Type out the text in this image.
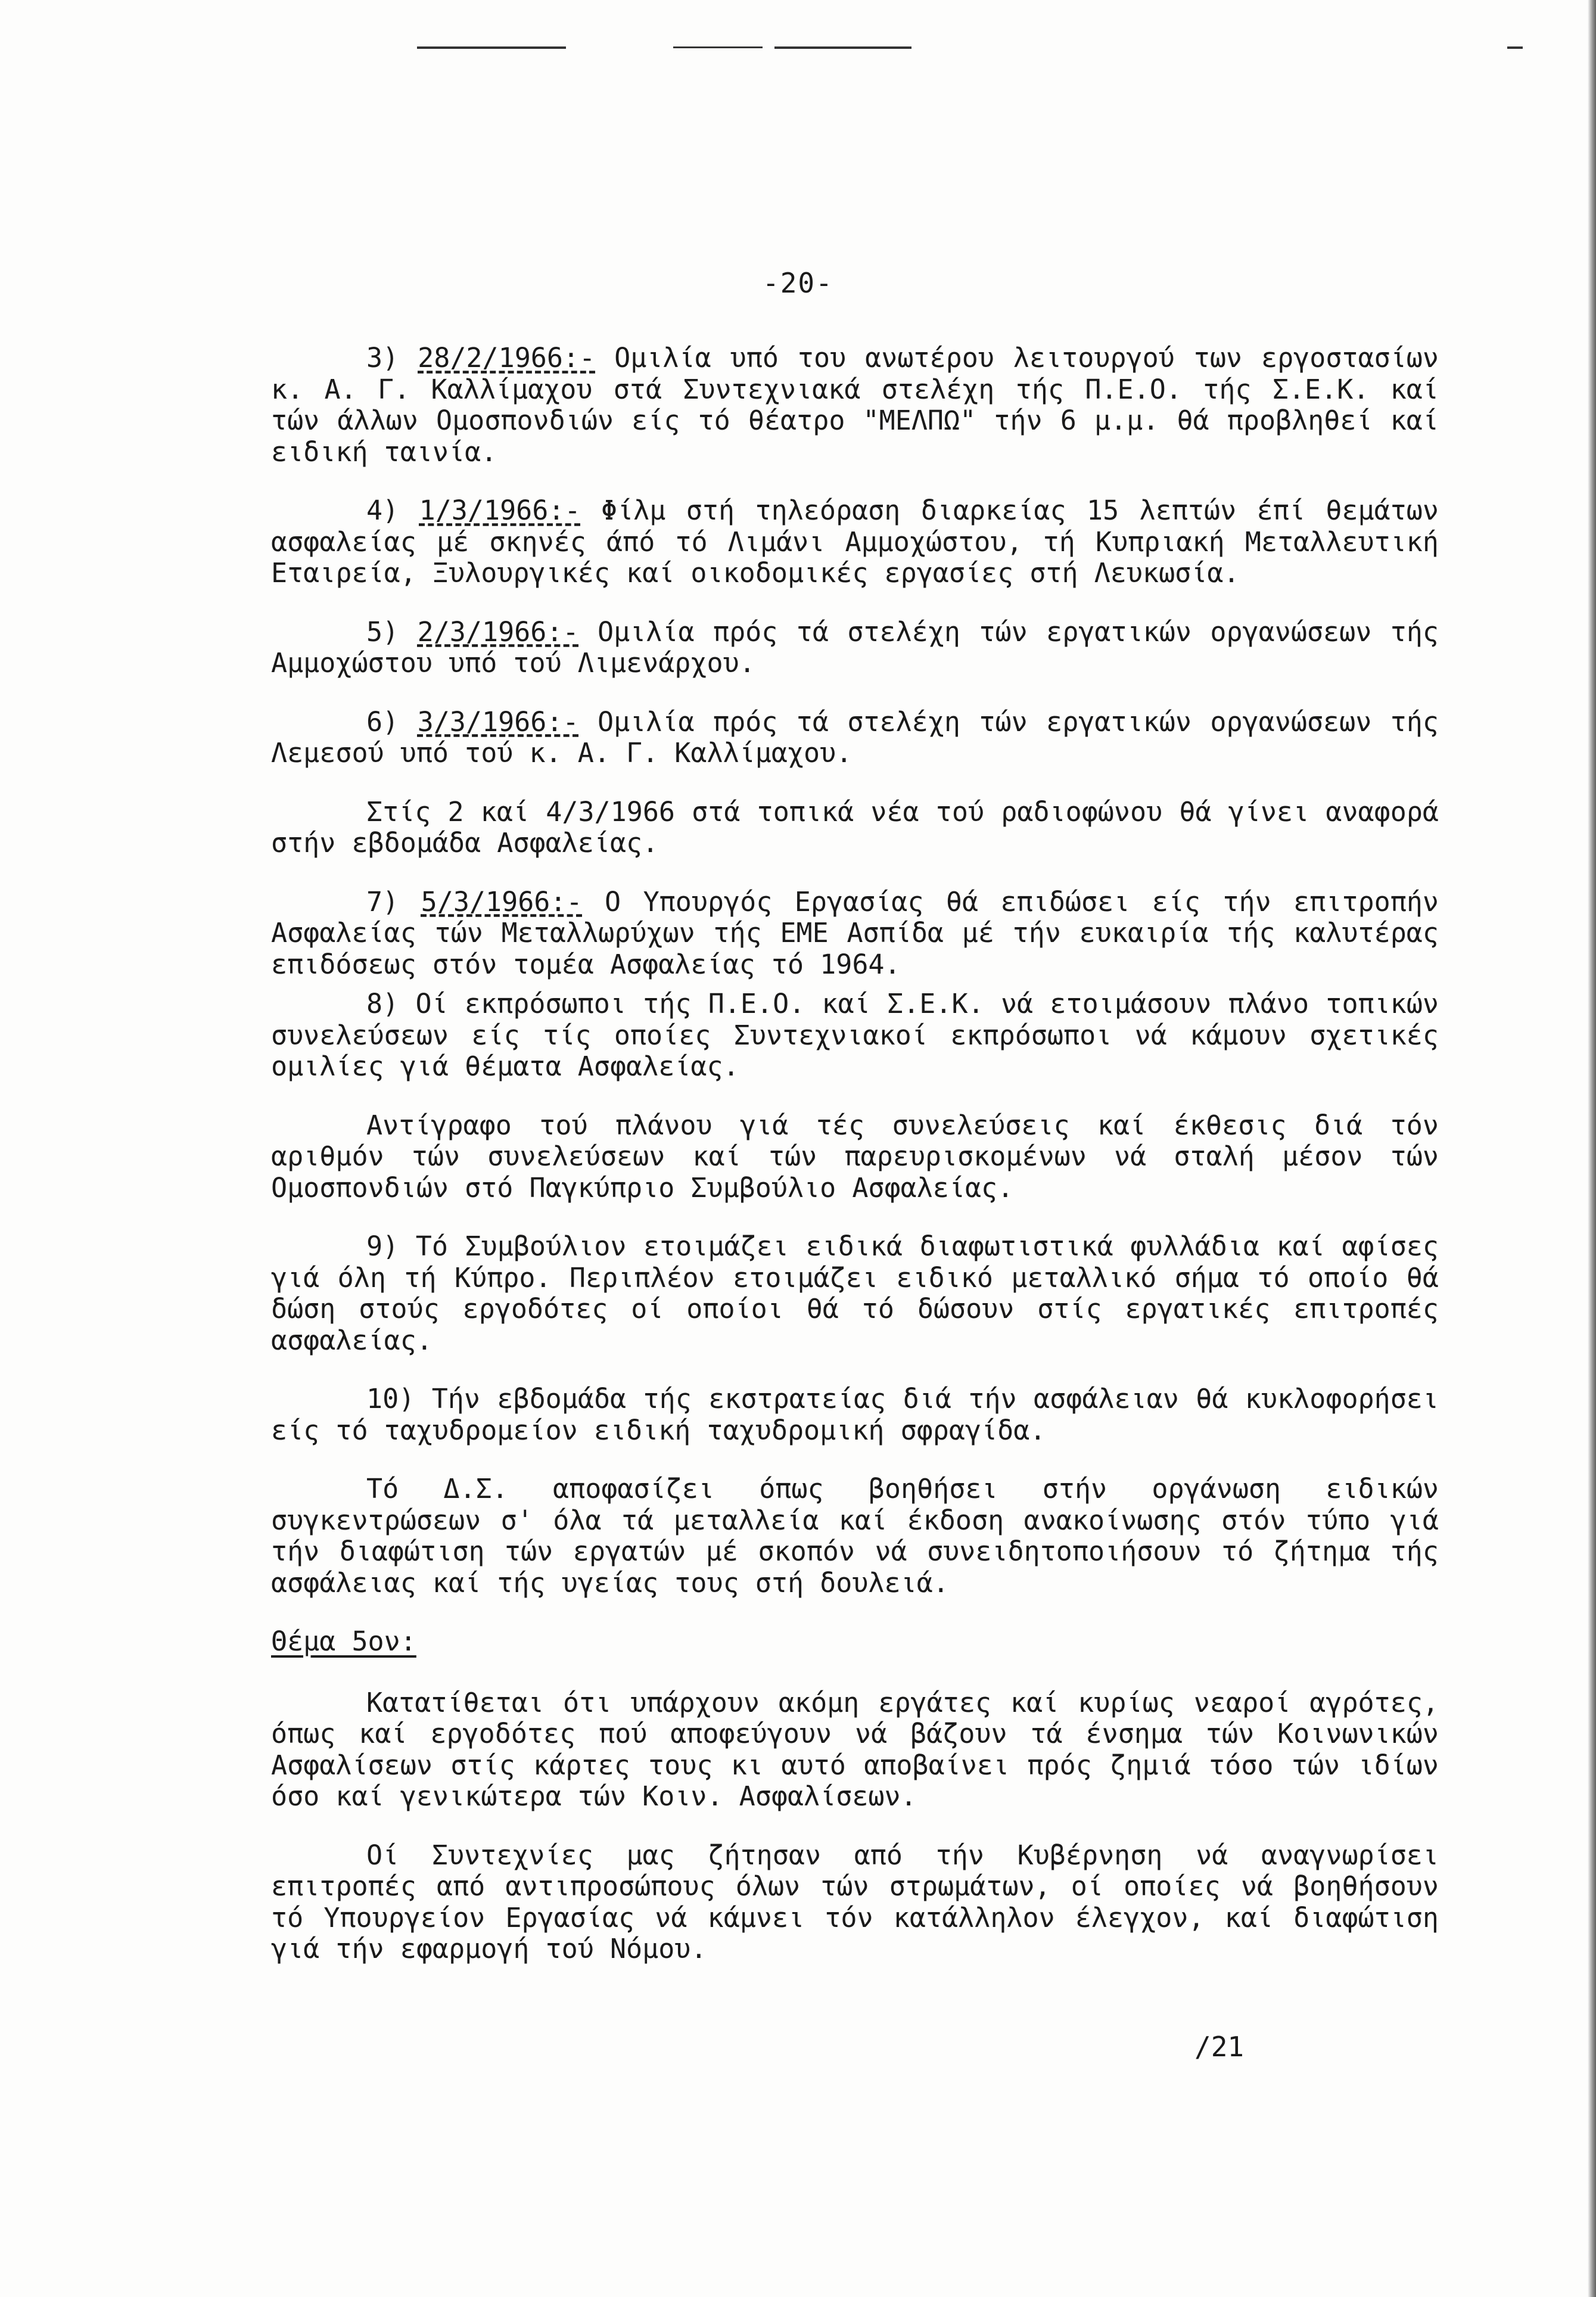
-20-

3) 28/2/1966:- Ομιλία υπό του ανωτέρου λειτουργού των εργοστασίων κ. Α. Γ. Καλλίμαχου στά Συντεχνιακά στελέχη τής Π.Ε.Ο. τής Σ.Ε.Κ. καί τών άλλων Ομοσπονδιών είς τό θέατρο "ΜΕΛΠΩ" τήν 6 μ.μ. θά προβληθεί καί ειδική ταινία.

4) 1/3/1966:- Φίλμ στή τηλεόραση διαρκείας 15 λεπτών έπί θεμάτων ασφαλείας μέ σκηνές άπό τό Λιμάνι Αμμοχώστου, τή Κυπριακή Μεταλλευτική Εταιρεία, Ξυλουργικές καί οικοδομικές εργασίες στή Λευκωσία.

5) 2/3/1966:- Ομιλία πρός τά στελέχη τών εργατικών οργανώσεων τής Αμμοχώστου υπό τού Λιμενάρχου.

6) 3/3/1966:- Ομιλία πρός τά στελέχη τών εργατικών οργανώσεων τής Λεμεσού υπό τού κ. Α. Γ. Καλλίμαχου.

Στίς 2 καί 4/3/1966 στά τοπικά νέα τού ραδιοφώνου θά γίνει αναφορά στήν εβδομάδα Ασφαλείας.

7) 5/3/1966:- Ο Υπουργός Εργασίας θά επιδώσει είς τήν επιτροπήν Ασφαλείας τών Μεταλλωρύχων τής ΕΜΕ Ασπίδα μέ τήν ευκαιρία τής καλυτέρας επιδόσεως στόν τομέα Ασφαλείας τό 1964.

8) Οί εκπρόσωποι τής Π.Ε.Ο. καί Σ.Ε.Κ. νά ετοιμάσουν πλάνο τοπικών συνελεύσεων είς τίς οποίες Συντεχνιακοί εκπρόσωποι νά κάμουν σχετικές ομιλίες γιά θέματα Ασφαλείας.

Αντίγραφο τού πλάνου γιά τές συνελεύσεις καί έκθεσις διά τόν αριθμόν τών συνελεύσεων καί τών παρευρισκομένων νά σταλή μέσον τών Ομοσπονδιών στό Παγκύπριο Συμβούλιο Ασφαλείας.

9) Τό Συμβούλιον ετοιμάζει ειδικά διαφωτιστικά φυλλάδια καί αφίσες γιά όλη τή Κύπρο. Περιπλέον ετοιμάζει ειδικό μεταλλικό σήμα τό οποίο θά δώση στούς εργοδότες οί οποίοι θά τό δώσουν στίς εργατικές επιτροπές ασφαλείας.

10) Τήν εβδομάδα τής εκστρατείας διά τήν ασφάλειαν θά κυκλοφορήσει είς τό ταχυδρομείον ειδική ταχυδρομική σφραγίδα.

Τό Δ.Σ. αποφασίζει όπως βοηθήσει στήν οργάνωση ειδικών συγκεντρώσεων σ' όλα τά μεταλλεία καί έκδοση ανακοίνωσης στόν τύπο γιά τήν διαφώτιση τών εργατών μέ σκοπόν νά συνειδητοποιήσουν τό ζήτημα τής ασφάλειας καί τής υγείας τους στή δουλειά.

Θέμα 5ον:

Κατατίθεται ότι υπάρχουν ακόμη εργάτες καί κυρίως νεαροί αγρότες, όπως καί εργοδότες πού αποφεύγουν νά βάζουν τά ένσημα τών Κοινωνικών Ασφαλίσεων στίς κάρτες τους κι αυτό αποβαίνει πρός ζημιά τόσο τών ιδίων όσο καί γενικώτερα τών Κοιν. Ασφαλίσεων.

Οί Συντεχνίες μας ζήτησαν από τήν Κυβέρνηση νά αναγνωρίσει επιτροπές από αντιπροσώπους όλων τών στρωμάτων, οί οποίες νά βοηθήσουν τό Υπουργείον Εργασίας νά κάμνει τόν κατάλληλον έλεγχον, καί διαφώτιση γιά τήν εφαρμογή τού Νόμου.

/21
